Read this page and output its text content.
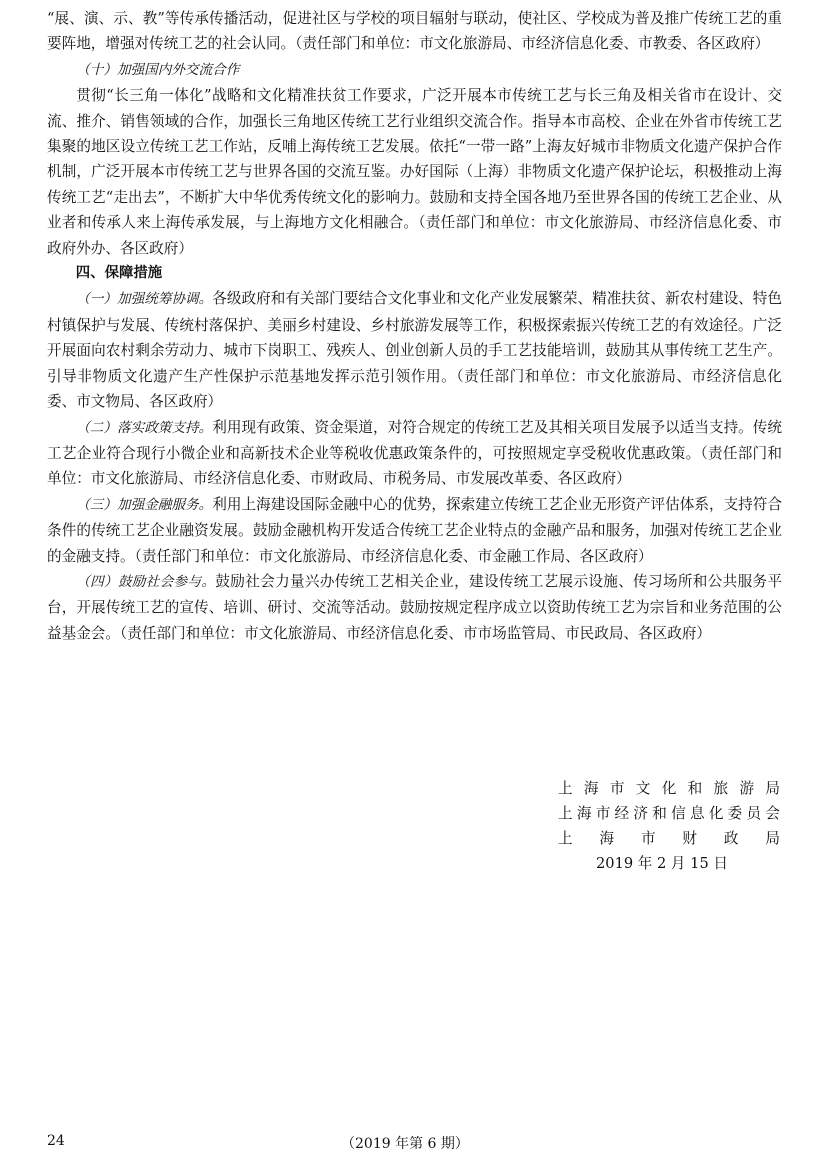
“展、演、示、教”等传承传播活动，促进社区与学校的项目辐射与联动，使社区、学校成为普及推广传统工艺的重要阵地，增强对传统工艺的社会认同。（责任部门和单位：市文化旅游局、市经济信息化委、市教委、各区政府）

（十）加强国内外交流合作

贯彻“长三角一体化”战略和文化精准扶贫工作要求，广泛开展本市传统工艺与长三角及相关省市在设计、交流、推介、销售领域的合作，加强长三角地区传统工艺行业组织交流合作。指导本市高校、企业在外省市传统工艺集聚的地区设立传统工艺工作站，反哺上海传统工艺发展。依托“一带一路”上海友好城市非物质文化遗产保护合作机制，广泛开展本市传统工艺与世界各国的交流互鉴。办好国际（上海）非物质文化遗产保护论坛，积极推动上海传统工艺“走出去”，不断扩大中华优秀传统文化的影响力。鼓励和支持全国各地乃至世界各国的传统工艺企业、从业者和传承人来上海传承发展，与上海地方文化相融合。（责任部门和单位：市文化旅游局、市经济信息化委、市政府外办、各区政府）

四、保障措施

（一）加强统筹协调。各级政府和有关部门要结合文化事业和文化产业发展繁荣、精准扶贫、新农村建设、特色村镇保护与发展、传统村落保护、美丽乡村建设、乡村旅游发展等工作，积极探索振兴传统工艺的有效途径。广泛开展面向农村剩余劳动力、城市下岗职工、残疾人、创业创新人员的手工艺技能培训，鼓励其从事传统工艺生产。引导非物质文化遗产生产性保护示范基地发挥示范引领作用。（责任部门和单位：市文化旅游局、市经济信息化委、市文物局、各区政府）

（二）落实政策支持。利用现有政策、资金渠道，对符合规定的传统工艺及其相关项目发展予以适当支持。传统工艺企业符合现行小微企业和高新技术企业等税收优惠政策条件的，可按照规定享受税收优惠政策。（责任部门和单位：市文化旅游局、市经济信息化委、市财政局、市税务局、市发展改革委、各区政府）

（三）加强金融服务。利用上海建设国际金融中心的优势，探索建立传统工艺企业无形资产评估体系，支持符合条件的传统工艺企业融资发展。鼓励金融机构开发适合传统工艺企业特点的金融产品和服务，加强对传统工艺企业的金融支持。（责任部门和单位：市文化旅游局、市经济信息化委、市金融工作局、各区政府）

（四）鼓励社会参与。鼓励社会力量兴办传统工艺相关企业，建设传统工艺展示设施、传习场所和公共服务平台，开展传统工艺的宣传、培训、研讨、交流等活动。鼓励按规定程序成立以资助传统工艺为宗旨和业务范围的公益基金会。（责任部门和单位：市文化旅游局、市经济信息化委、市市场监管局、市民政局、各区政府）

上海市文化和旅游局
上海市经济和信息化委员会
上海市财政局
2019 年 2 月 15 日
24	（2019 年第 6 期）
